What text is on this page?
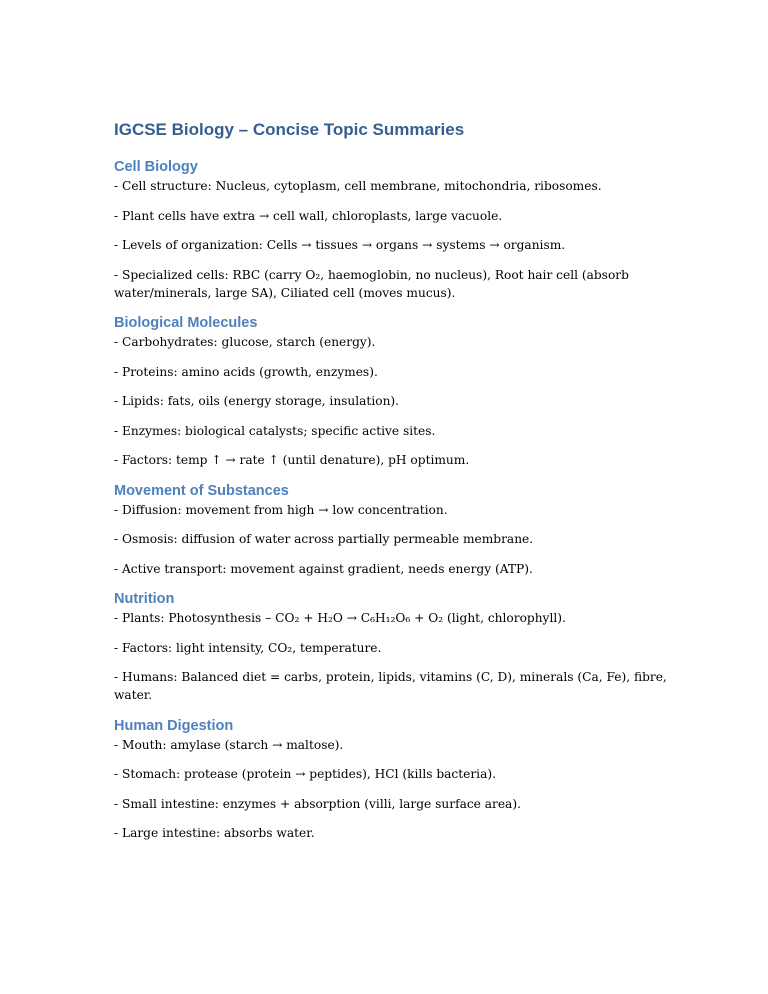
IGCSE Biology – Concise Topic Summaries
Cell Biology

- Cell structure: Nucleus, cytoplasm, cell membrane, mitochondria, ribosomes.

- Plant cells have extra → cell wall, chloroplasts, large vacuole.

- Levels of organization: Cells → tissues → organs → systems → organism.

- Specialized cells: RBC (carry O₂, haemoglobin, no nucleus), Root hair cell (absorb water/minerals, large SA), Ciliated cell (moves mucus).

Biological Molecules

- Carbohydrates: glucose, starch (energy).

- Proteins: amino acids (growth, enzymes).

- Lipids: fats, oils (energy storage, insulation).

- Enzymes: biological catalysts; specific active sites.

- Factors: temp ↑ → rate ↑ (until denature), pH optimum.

Movement of Substances

- Diffusion: movement from high → low concentration.

- Osmosis: diffusion of water across partially permeable membrane.

- Active transport: movement against gradient, needs energy (ATP).

Nutrition

- Plants: Photosynthesis – CO₂ + H₂O → C₆H₁₂O₆ + O₂ (light, chlorophyll).

- Factors: light intensity, CO₂, temperature.

- Humans: Balanced diet = carbs, protein, lipids, vitamins (C, D), minerals (Ca, Fe), fibre, water.

Human Digestion

- Mouth: amylase (starch → maltose).

- Stomach: protease (protein → peptides), HCl (kills bacteria).

- Small intestine: enzymes + absorption (villi, large surface area).

- Large intestine: absorbs water.
